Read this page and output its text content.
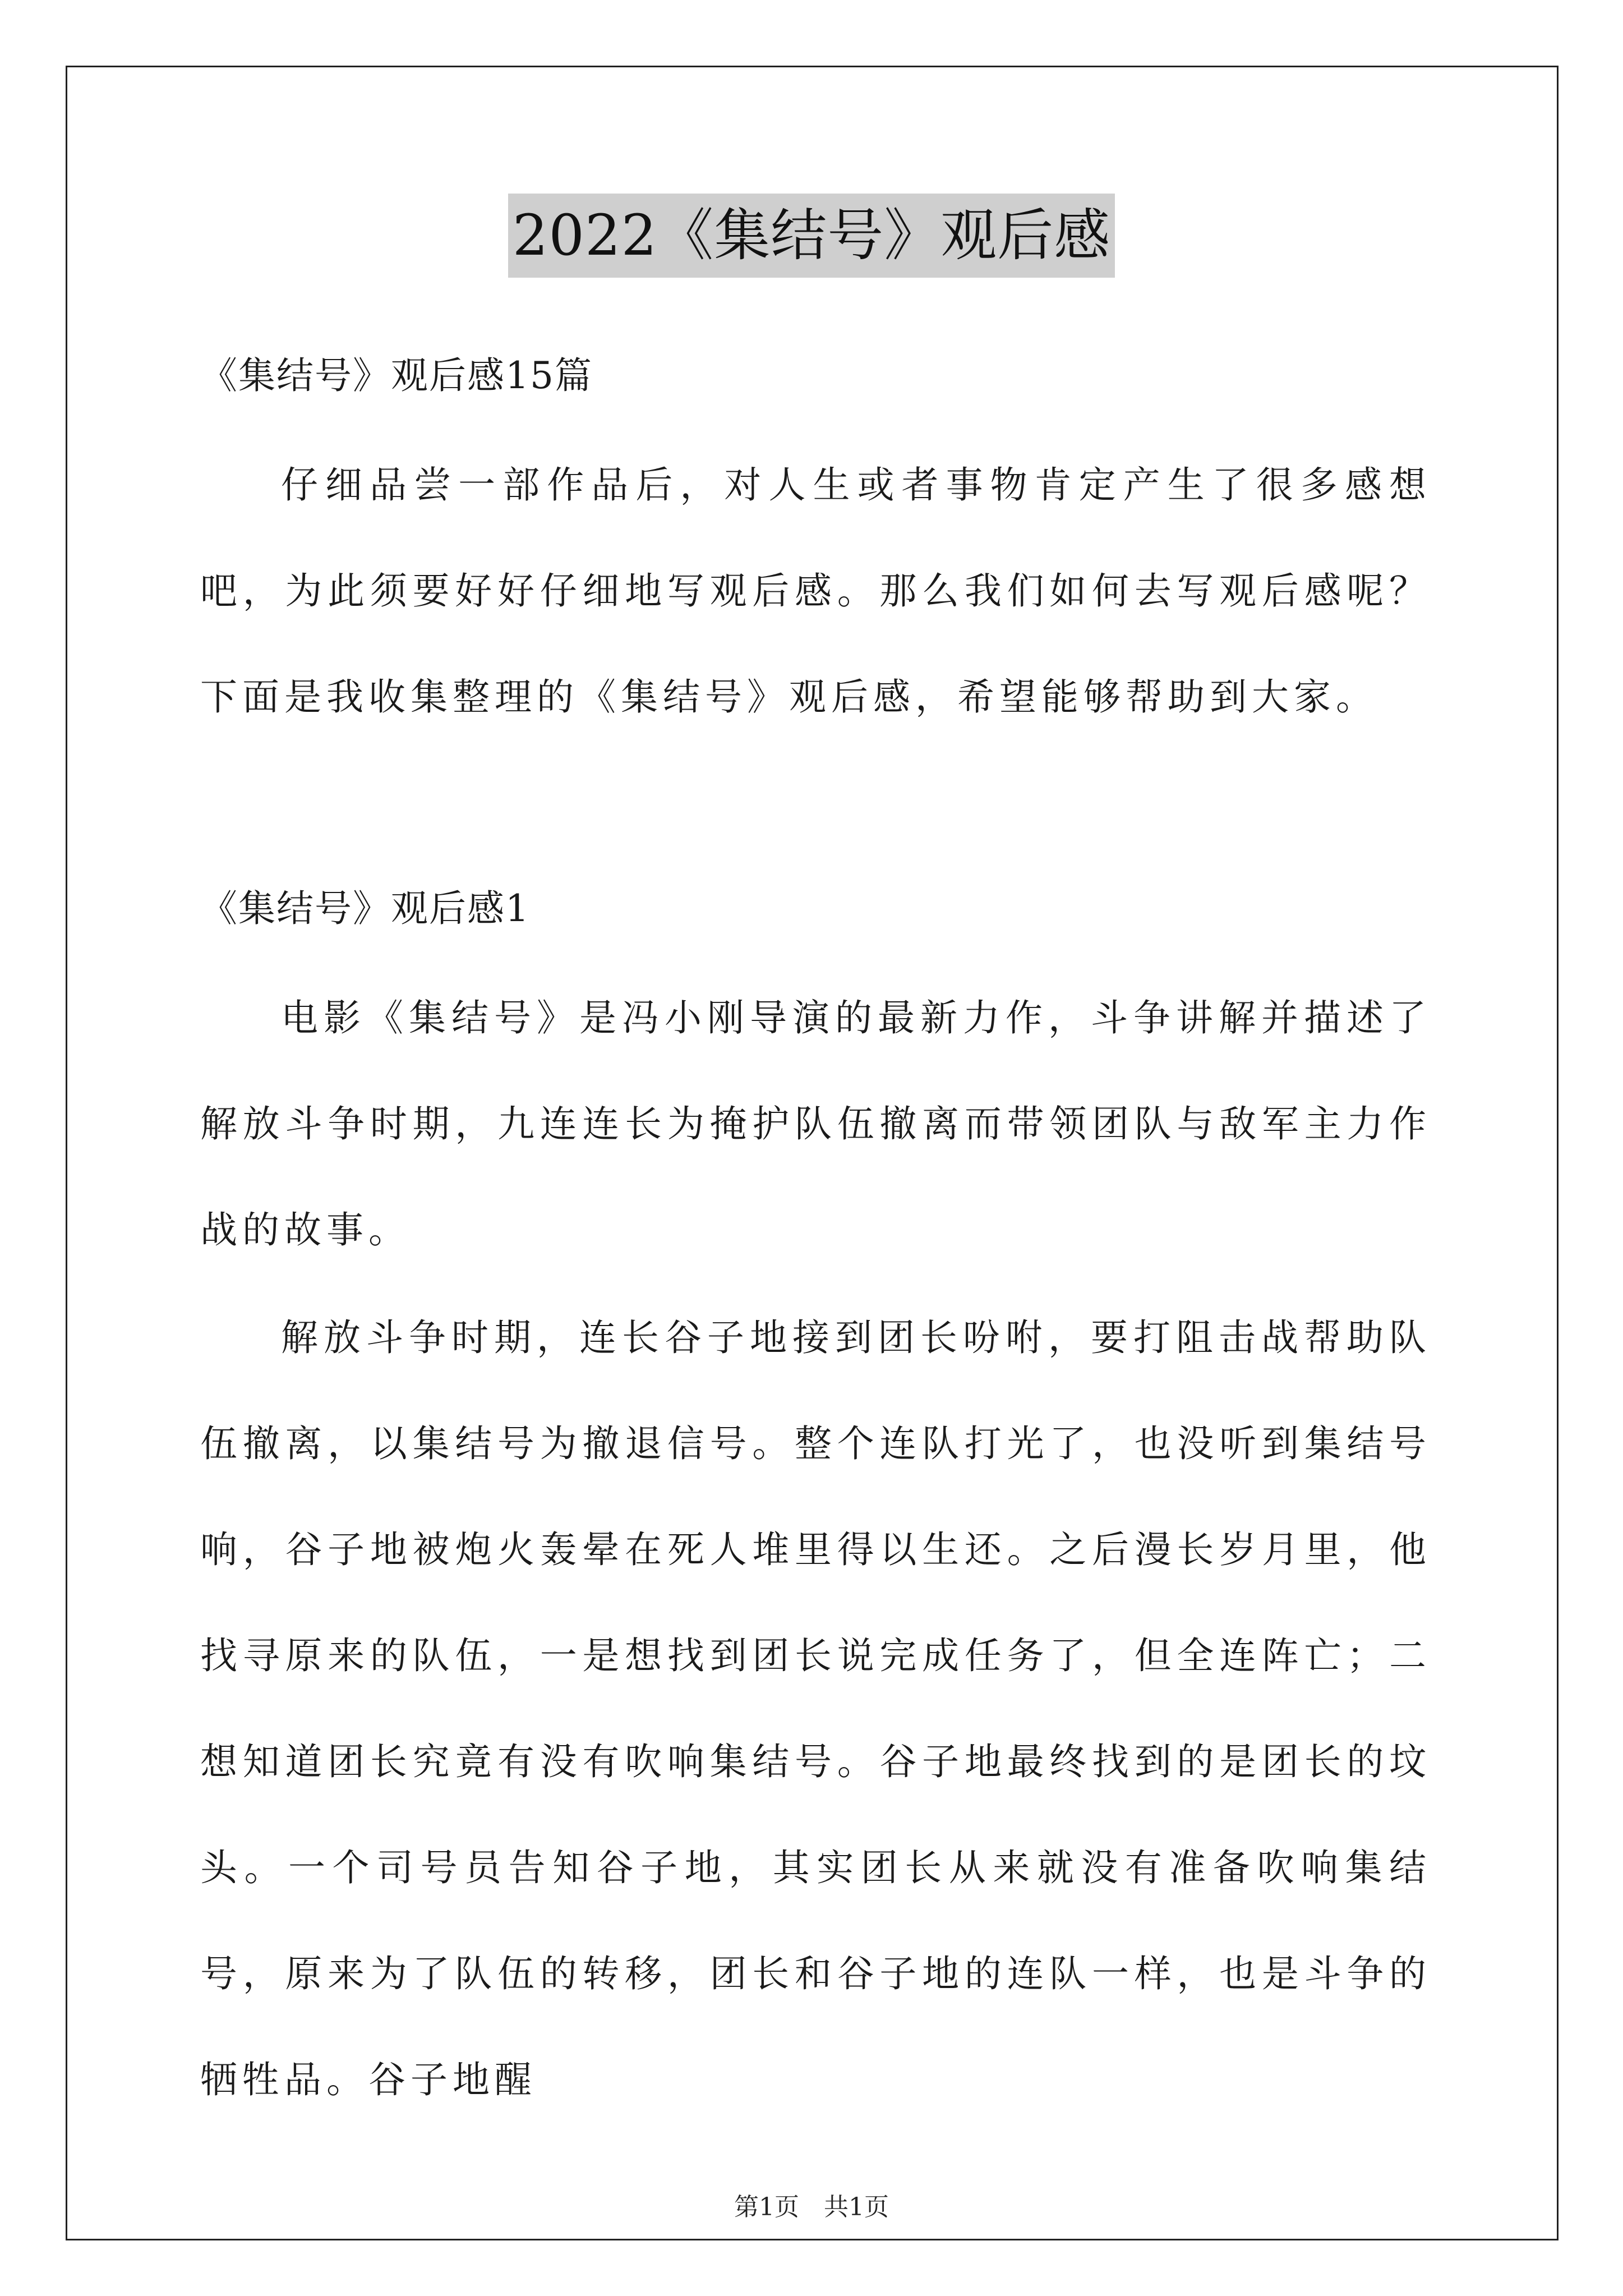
2022《集结号》观后感
《集结号》观后感15篇

仔细品尝一部作品后，对人生或者事物肯定产生了很多感想吧，为此须要好好仔细地写观后感。那么我们如何去写观后感呢？下面是我收集整理的《集结号》观后感，希望能够帮助到大家。

《集结号》观后感1

电影《集结号》是冯小刚导演的最新力作，斗争讲解并描述了解放斗争时期，九连连长为掩护队伍撤离而带领团队与敌军主力作战的故事。

解放斗争时期，连长谷子地接到团长吩咐，要打阻击战帮助队伍撤离，以集结号为撤退信号。整个连队打光了，也没听到集结号响，谷子地被炮火轰晕在死人堆里得以生还。之后漫长岁月里，他找寻原来的队伍，一是想找到团长说完成任务了，但全连阵亡；二想知道团长究竟有没有吹响集结号。谷子地最终找到的是团长的坟头。一个司号员告知谷子地，其实团长从来就没有准备吹响集结号，原来为了队伍的转移，团长和谷子地的连队一样，也是斗争的牺牲品。谷子地醒

第1页　共1页
